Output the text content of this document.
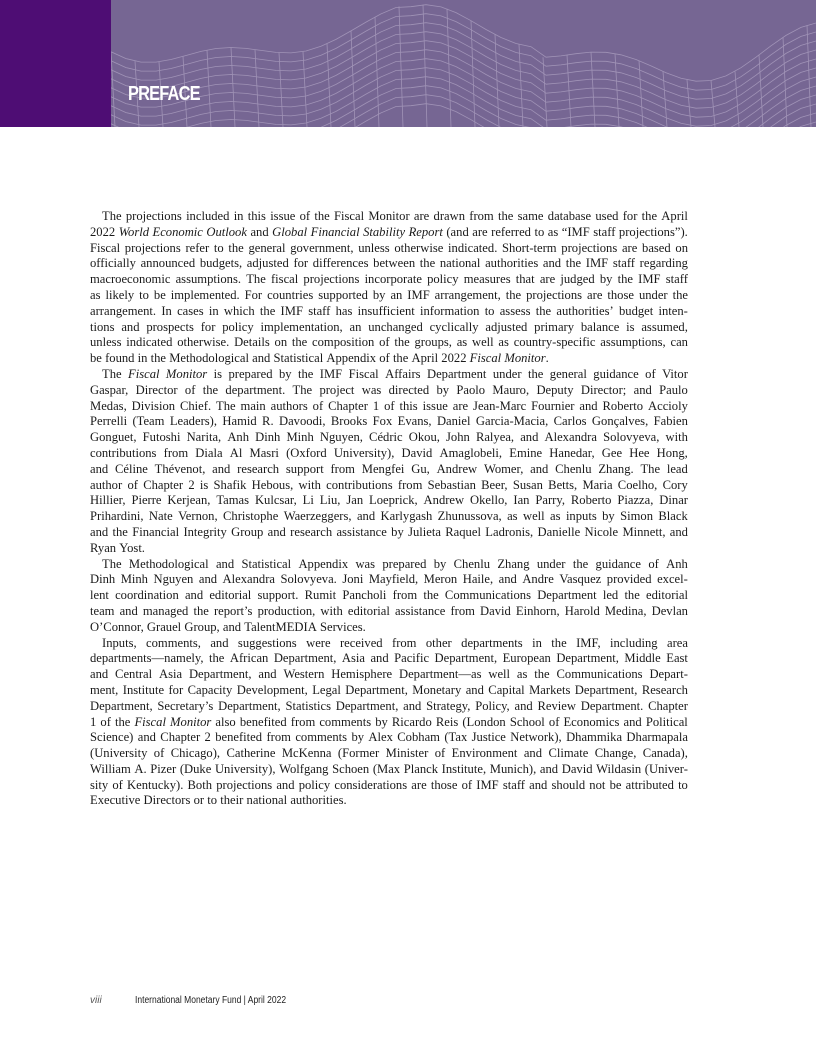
PREFACE
The projections included in this issue of the Fiscal Monitor are drawn from the same database used for the April
2022 World Economic Outlook and Global Financial Stability Report (and are referred to as “IMF staff projections”).
Fiscal projections refer to the general government, unless otherwise indicated. Short-term projections are based on
officially announced budgets, adjusted for differences between the national authorities and the IMF staff regarding
macroeconomic assumptions. The fiscal projections incorporate policy measures that are judged by the IMF staff
as likely to be implemented. For countries supported by an IMF arrangement, the projections are those under the
arrangement. In cases in which the IMF staff has insufficient information to assess the authorities’ budget inten-
tions and prospects for policy implementation, an unchanged cyclically adjusted primary balance is assumed,
unless indicated otherwise. Details on the composition of the groups, as well as country-specific assumptions, can
be found in the Methodological and Statistical Appendix of the April 2022 Fiscal Monitor.
The Fiscal Monitor is prepared by the IMF Fiscal Affairs Department under the general guidance of Vitor
Gaspar, Director of the department. The project was directed by Paolo Mauro, Deputy Director; and Paulo
Medas, Division Chief. The main authors of Chapter 1 of this issue are Jean-Marc Fournier and Roberto Accioly
Perrelli (Team Leaders), Hamid R. Davoodi, Brooks Fox Evans, Daniel Garcia-Macia, Carlos Gonçalves, Fabien
Gonguet, Futoshi Narita, Anh Dinh Minh Nguyen, Cédric Okou, John Ralyea, and Alexandra Solovyeva, with
contributions from Diala Al Masri (Oxford University), David Amaglobeli, Emine Hanedar, Gee Hee Hong,
and Céline Thévenot, and research support from Mengfei Gu, Andrew Womer, and Chenlu Zhang. The lead
author of Chapter 2 is Shafik Hebous, with contributions from Sebastian Beer, Susan Betts, Maria Coelho, Cory
Hillier, Pierre Kerjean, Tamas Kulcsar, Li Liu, Jan Loeprick, Andrew Okello, Ian Parry, Roberto Piazza, Dinar
Prihardini, Nate Vernon, Christophe Waerzeggers, and Karlygash Zhunussova, as well as inputs by Simon Black
and the Financial Integrity Group and research assistance by Julieta Raquel Ladronis, Danielle Nicole Minnett, and
Ryan Yost.
The Methodological and Statistical Appendix was prepared by Chenlu Zhang under the guidance of Anh
Dinh Minh Nguyen and Alexandra Solovyeva. Joni Mayfield, Meron Haile, and Andre Vasquez provided excel-
lent coordination and editorial support. Rumit Pancholi from the Communications Department led the editorial
team and managed the report’s production, with editorial assistance from David Einhorn, Harold Medina, Devlan
O’Connor, Grauel Group, and TalentMEDIA Services.
Inputs, comments, and suggestions were received from other departments in the IMF, including area
departments—namely, the African Department, Asia and Pacific Department, European Department, Middle East
and Central Asia Department, and Western Hemisphere Department—as well as the Communications Depart-
ment, Institute for Capacity Development, Legal Department, Monetary and Capital Markets Department, Research
Department, Secretary’s Department, Statistics Department, and Strategy, Policy, and Review Department. Chapter
1 of the Fiscal Monitor also benefited from comments by Ricardo Reis (London School of Economics and Political
Science) and Chapter 2 benefited from comments by Alex Cobham (Tax Justice Network), Dhammika Dharmapala
(University of Chicago), Catherine McKenna (Former Minister of Environment and Climate Change, Canada),
William A. Pizer (Duke University), Wolfgang Schoen (Max Planck Institute, Munich), and David Wildasin (Univer-
sity of Kentucky). Both projections and policy considerations are those of IMF staff and should not be attributed to
Executive Directors or to their national authorities.
viii	International Monetary Fund | April 2022
